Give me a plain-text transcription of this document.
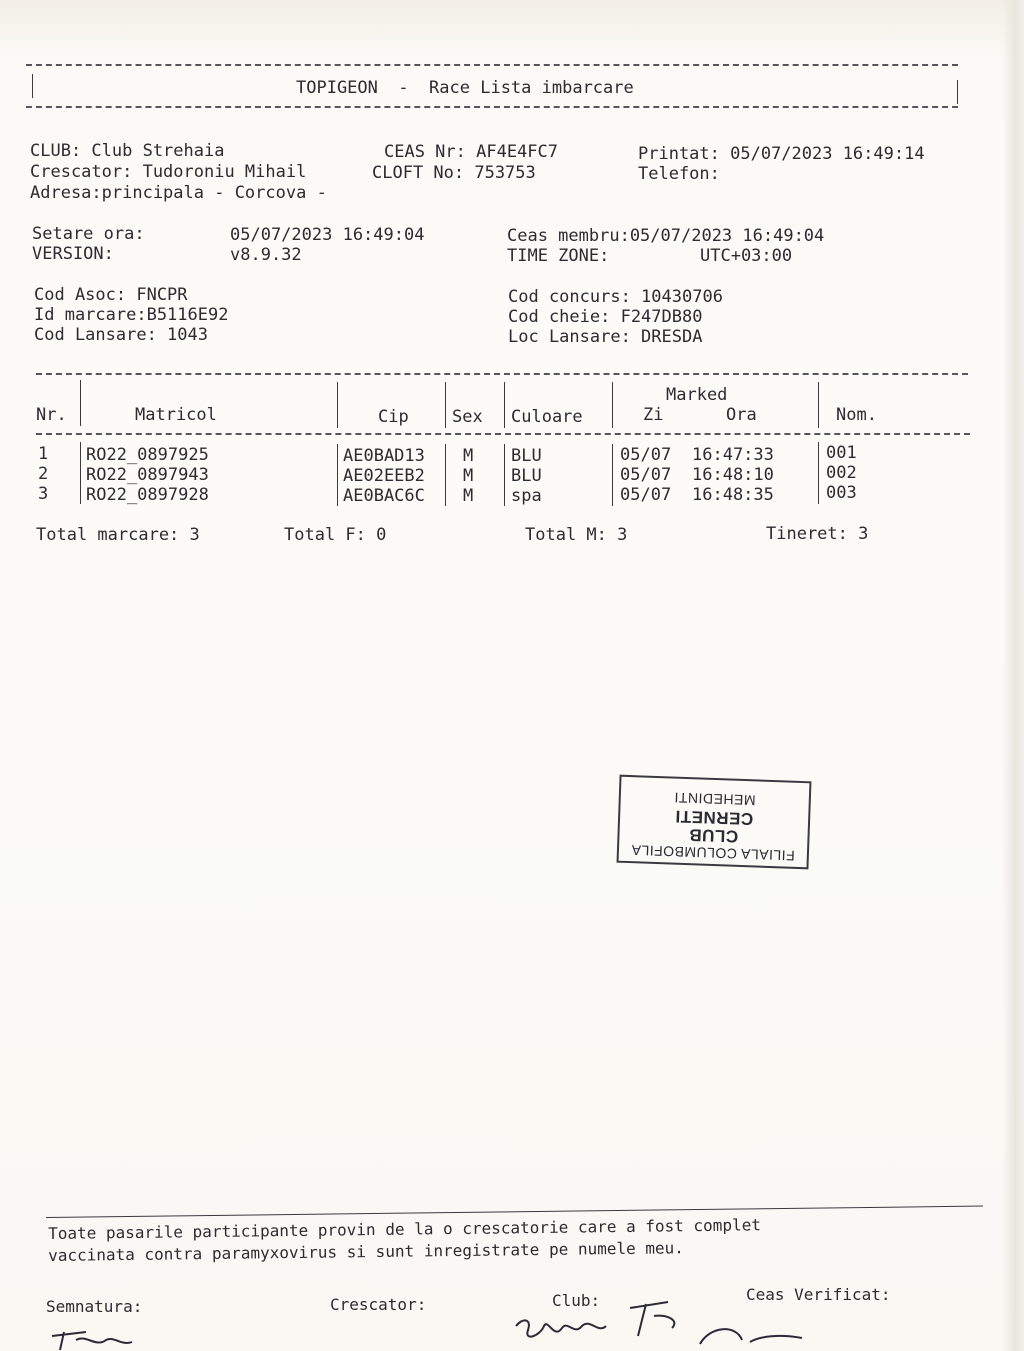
TOPIGEON  -  Race Lista imbarcare
CLUB: Club Strehaia
Crescator: Tudoroniu Mihail
Adresa:principala - Corcova -
CEAS Nr: AF4E4FC7
CLOFT No: 753753
Printat: 05/07/2023 16:49:14
Telefon:
Setare ora:	05/07/2023 16:49:04
VERSION:	v8.9.32
Ceas membru:05/07/2023 16:49:04
TIME ZONE:	UTC+03:00
Cod Asoc: FNCPR
Id marcare:B5116E92
Cod Lansare: 1043
Cod concurs: 10430706
Cod cheie: F247DB80
Loc Lansare: DRESDA
Nr.	Matricol	Cip	Sex Culoare
Marked
Zi	Ora	Nom.
1 RO22_0897925	AE0BAD13 M BLU	05/07 16:47:33	001
2 RO22_0897943	AE02EEB2 M BLU	05/07 16:48:10	002
3 RO22_0897928	AE0BAC6C M spa	05/07 16:48:35	003
Total marcare: 3	Total F: 0	Total M: 3	Tineret: 3
FILIALA COLUMBOFILA
CLUB
CERNETI
MEHEDINTI
Toate pasarile participante provin de la o crescatorie care a fost complet
vaccinata contra paramyxovirus si sunt inregistrate pe numele meu.
Semnatura:	Crescator:	Club:	Ceas Verificat:
